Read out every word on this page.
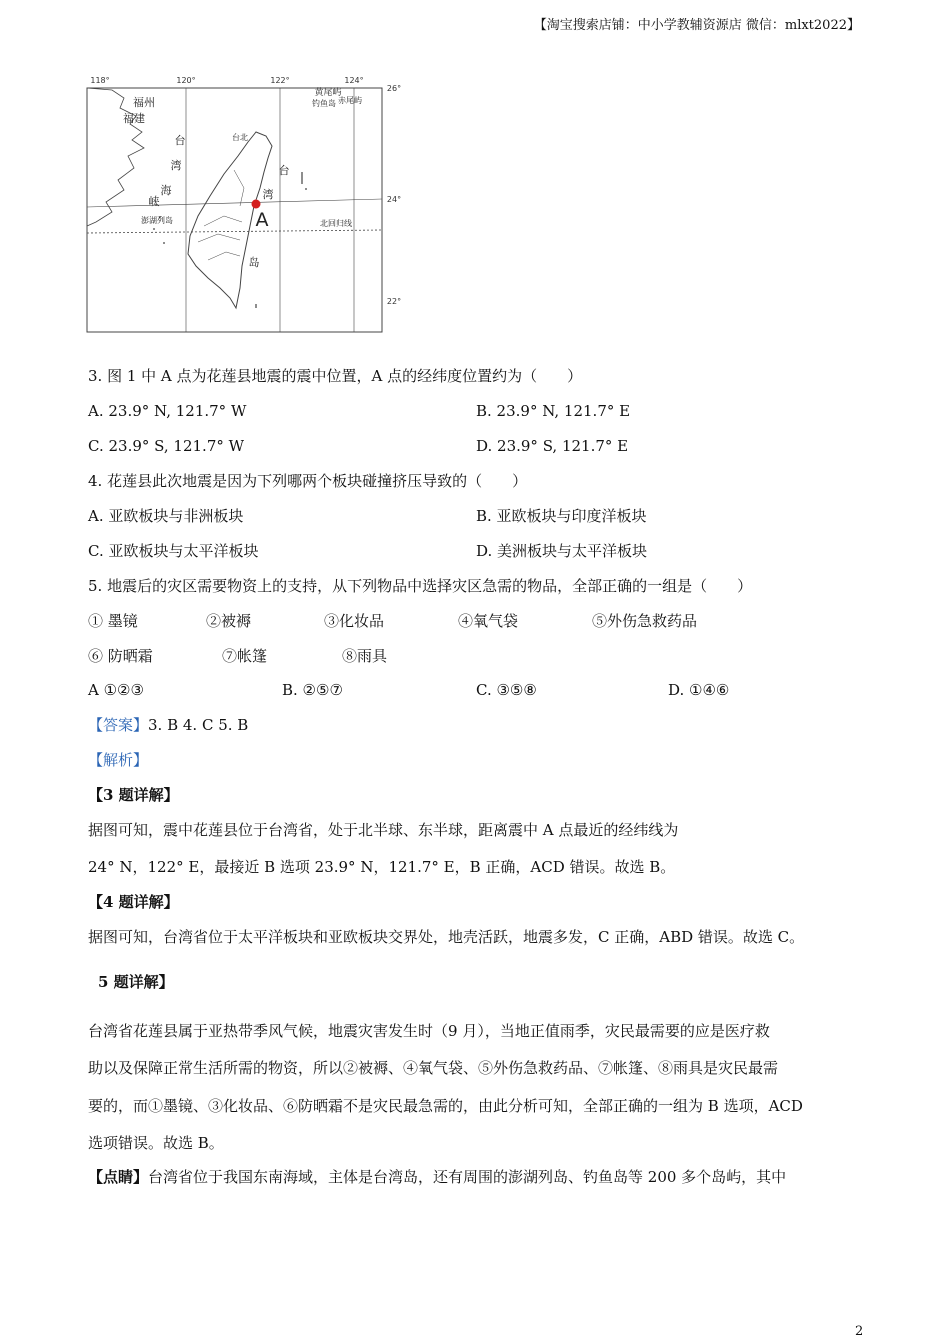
【淘宝搜索店铺：中小学教辅资源店 微信：mlxt2022】
118°	120°	122°	124°
26°
24°
22°
福州
福建
台
湾
海
峡
台
湾
岛
澎湖列岛
台北
北回归线
钓鱼岛 赤尾屿
黄尾屿
A
3. 图 1 中 A 点为花莲县地震的震中位置，A 点的经纬度位置约为（　　）
A. 23.9° N, 121.7° W	B. 23.9° N, 121.7° E
C. 23.9° S, 121.7° W	D. 23.9° S, 121.7° E
4. 花莲县此次地震是因为下列哪两个板块碰撞挤压导致的（　　）
A. 亚欧板块与非洲板块	B. 亚欧板块与印度洋板块
C. 亚欧板块与太平洋板块	D. 美洲板块与太平洋板块
5. 地震后的灾区需要物资上的支持，从下列物品中选择灾区急需的物品，全部正确的一组是（　　）
① 墨镜	②被褥	③化妆品	④氧气袋	⑤外伤急救药品
⑥ 防晒霜	⑦帐篷	⑧雨具
A ①②③	B. ②⑤⑦	C. ③⑤⑧	D. ①④⑥
【答案】3. B 4. C 5. B
【解析】
【3 题详解】
据图可知，震中花莲县位于台湾省，处于北半球、东半球，距离震中 A 点最近的经纬线为
24° N，122° E，最接近 B 选项 23.9° N，121.7° E，B 正确，ACD 错误。故选 B。
【4 题详解】
据图可知，台湾省位于太平洋板块和亚欧板块交界处，地壳活跃，地震多发，C 正确，ABD 错误。故选 C。
5 题详解】
台湾省花莲县属于亚热带季风气候，地震灾害发生时（9 月），当地正值雨季，灾民最需要的应是医疗救
助以及保障正常生活所需的物资，所以②被褥、④氧气袋、⑤外伤急救药品、⑦帐篷、⑧雨具是灾民最需
要的，而①墨镜、③化妆品、⑥防晒霜不是灾民最急需的，由此分析可知，全部正确的一组为 B 选项，ACD
选项错误。故选 B。
【点睛】台湾省位于我国东南海域，主体是台湾岛，还有周围的澎湖列岛、钓鱼岛等 200 多个岛屿，其中
2
